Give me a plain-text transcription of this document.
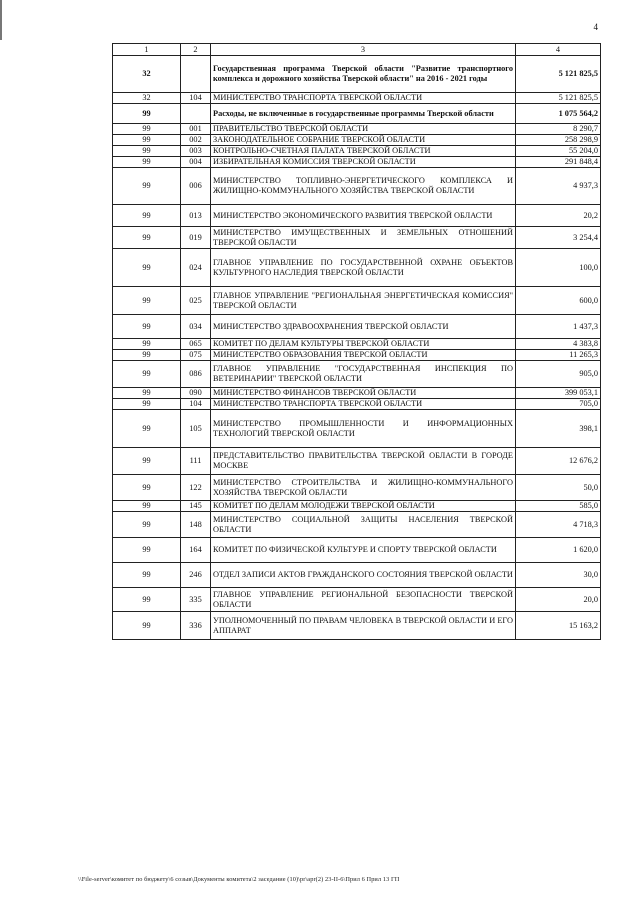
4
1	2	3	4
32		Государственная программа Тверской области "Развитие транспортного комплекса и дорожного хозяйства Тверской области" на 2016 - 2021 годы	5 121 825,5
32	104	МИНИСТЕРСТВО ТРАНСПОРТА ТВЕРСКОЙ ОБЛАСТИ	5 121 825,5
99		Расходы, не включенные в государственные программы Тверской области	1 075 564,2
99	001	ПРАВИТЕЛЬСТВО ТВЕРСКОЙ ОБЛАСТИ	8 290,7
99	002	ЗАКОНОДАТЕЛЬНОЕ СОБРАНИЕ ТВЕРСКОЙ ОБЛАСТИ	258 298,9
99	003	КОНТРОЛЬНО-СЧЕТНАЯ ПАЛАТА ТВЕРСКОЙ ОБЛАСТИ	55 204,0
99	004	ИЗБИРАТЕЛЬНАЯ КОМИССИЯ ТВЕРСКОЙ ОБЛАСТИ	291 848,4
99	006	МИНИСТЕРСТВО ТОПЛИВНО-ЭНЕРГЕТИЧЕСКОГО КОМПЛЕКСА И ЖИЛИЩНО-КОММУНАЛЬНОГО ХОЗЯЙСТВА ТВЕРСКОЙ ОБЛАСТИ	4 937,3
99	013	МИНИСТЕРСТВО ЭКОНОМИЧЕСКОГО РАЗВИТИЯ ТВЕРСКОЙ ОБЛАСТИ	20,2
99	019	МИНИСТЕРСТВО ИМУЩЕСТВЕННЫХ И ЗЕМЕЛЬНЫХ ОТНОШЕНИЙ ТВЕРСКОЙ ОБЛАСТИ	3 254,4
99	024	ГЛАВНОЕ УПРАВЛЕНИЕ ПО ГОСУДАРСТВЕННОЙ ОХРАНЕ ОБЪЕКТОВ КУЛЬТУРНОГО НАСЛЕДИЯ ТВЕРСКОЙ ОБЛАСТИ	100,0
99	025	ГЛАВНОЕ УПРАВЛЕНИЕ "РЕГИОНАЛЬНАЯ ЭНЕРГЕТИЧЕСКАЯ КОМИССИЯ" ТВЕРСКОЙ ОБЛАСТИ	600,0
99	034	МИНИСТЕРСТВО ЗДРАВООХРАНЕНИЯ ТВЕРСКОЙ ОБЛАСТИ	1 437,3
99	065	КОМИТЕТ ПО ДЕЛАМ КУЛЬТУРЫ ТВЕРСКОЙ ОБЛАСТИ	4 383,8
99	075	МИНИСТЕРСТВО ОБРАЗОВАНИЯ ТВЕРСКОЙ ОБЛАСТИ	11 265,3
99	086	ГЛАВНОЕ УПРАВЛЕНИЕ "ГОСУДАРСТВЕННАЯ ИНСПЕКЦИЯ ПО ВЕТЕРИНАРИИ" ТВЕРСКОЙ ОБЛАСТИ	905,0
99	090	МИНИСТЕРСТВО ФИНАНСОВ ТВЕРСКОЙ ОБЛАСТИ	399 053,1
99	104	МИНИСТЕРСТВО ТРАНСПОРТА ТВЕРСКОЙ ОБЛАСТИ	705,0
99	105	МИНИСТЕРСТВО ПРОМЫШЛЕННОСТИ И ИНФОРМАЦИОННЫХ ТЕХНОЛОГИЙ ТВЕРСКОЙ ОБЛАСТИ	398,1
99	111	ПРЕДСТАВИТЕЛЬСТВО ПРАВИТЕЛЬСТВА ТВЕРСКОЙ ОБЛАСТИ В ГОРОДЕ МОСКВЕ	12 676,2
99	122	МИНИСТЕРСТВО СТРОИТЕЛЬСТВА И ЖИЛИЩНО-КОММУНАЛЬНОГО ХОЗЯЙСТВА ТВЕРСКОЙ ОБЛАСТИ	50,0
99	145	КОМИТЕТ ПО ДЕЛАМ МОЛОДЕЖИ ТВЕРСКОЙ ОБЛАСТИ	585,0
99	148	МИНИСТЕРСТВО СОЦИАЛЬНОЙ ЗАЩИТЫ НАСЕЛЕНИЯ ТВЕРСКОЙ ОБЛАСТИ	4 718,3
99	164	КОМИТЕТ ПО ФИЗИЧЕСКОЙ КУЛЬТУРЕ И СПОРТУ ТВЕРСКОЙ ОБЛАСТИ	1 620,0
99	246	ОТДЕЛ ЗАПИСИ АКТОВ ГРАЖДАНСКОГО СОСТОЯНИЯ ТВЕРСКОЙ ОБЛАСТИ	30,0
99	335	ГЛАВНОЕ УПРАВЛЕНИЕ РЕГИОНАЛЬНОЙ БЕЗОПАСНОСТИ ТВЕРСКОЙ ОБЛАСТИ	20,0
99	336	УПОЛНОМОЧЕННЫЙ ПО ПРАВАМ ЧЕЛОВЕКА В ТВЕРСКОЙ ОБЛАСТИ И ЕГО АППАРАТ	15 163,2
\\File-server\комитет по бюджету\6 созыв\Документы комитета\2 заседание (10)\pr\apr(2) 23-II-6\Прил 6 Прил 13 ГП
